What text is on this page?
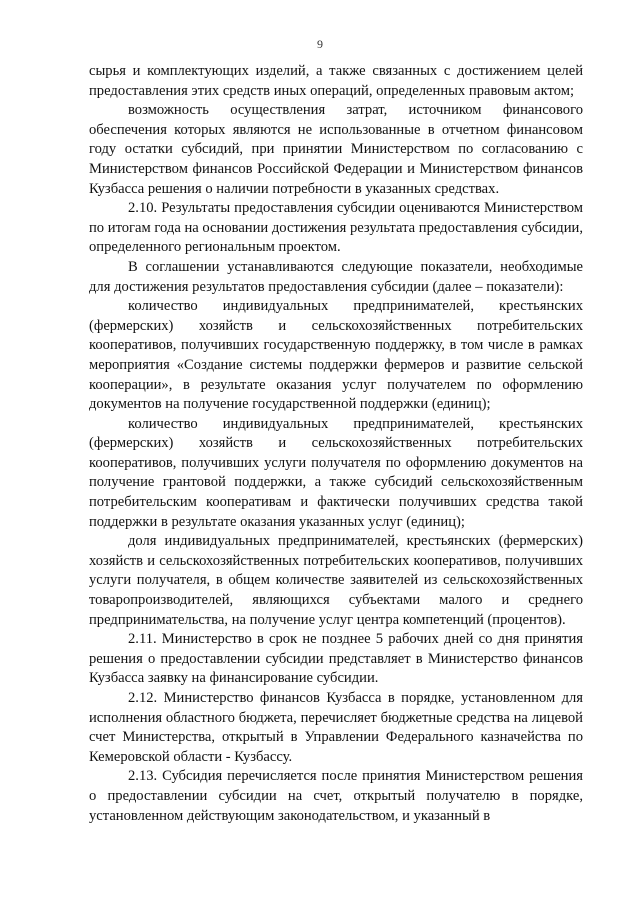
9

сырья и комплектующих изделий, а также связанных с достижением целей предоставления этих средств иных операций, определенных правовым актом;

возможность осуществления затрат, источником финансового обеспечения которых являются не использованные в отчетном финансовом году остатки субсидий, при принятии Министерством по согласованию с Министерством финансов Российской Федерации и Министерством финансов Кузбасса решения о наличии потребности в указанных средствах.

2.10. Результаты предоставления субсидии оцениваются Министерством по итогам года на основании достижения результата предоставления субсидии, определенного региональным проектом.

В соглашении устанавливаются следующие показатели, необходимые для достижения результатов предоставления субсидии (далее – показатели):

количество индивидуальных предпринимателей, крестьянских (фермерских) хозяйств и сельскохозяйственных потребительских кооперативов, получивших государственную поддержку, в том числе в рамках мероприятия «Создание системы поддержки фермеров и развитие сельской кооперации», в результате оказания услуг получателем по оформлению документов на получение государственной поддержки (единиц);

количество индивидуальных предпринимателей, крестьянских (фермерских) хозяйств и сельскохозяйственных потребительских кооперативов, получивших услуги получателя по оформлению документов на получение грантовой поддержки, а также субсидий сельскохозяйственным потребительским кооперативам и фактически получивших средства такой поддержки в результате оказания указанных услуг (единиц);

доля индивидуальных предпринимателей, крестьянских (фермерских) хозяйств и сельскохозяйственных потребительских кооперативов, получивших услуги получателя, в общем количестве заявителей из сельскохозяйственных товаропроизводителей, являющихся субъектами малого и среднего предпринимательства, на получение услуг центра компетенций (процентов).

2.11. Министерство в срок не позднее 5 рабочих дней со дня принятия решения о предоставлении субсидии представляет в Министерство финансов Кузбасса заявку на финансирование субсидии.

2.12. Министерство финансов Кузбасса в порядке, установленном для исполнения областного бюджета, перечисляет бюджетные средства на лицевой счет Министерства, открытый в Управлении Федерального казначейства по Кемеровской области - Кузбассу.

2.13. Субсидия перечисляется после принятия Министерством решения о предоставлении субсидии на счет, открытый получателю в порядке, установленном действующим законодательством, и указанный в
